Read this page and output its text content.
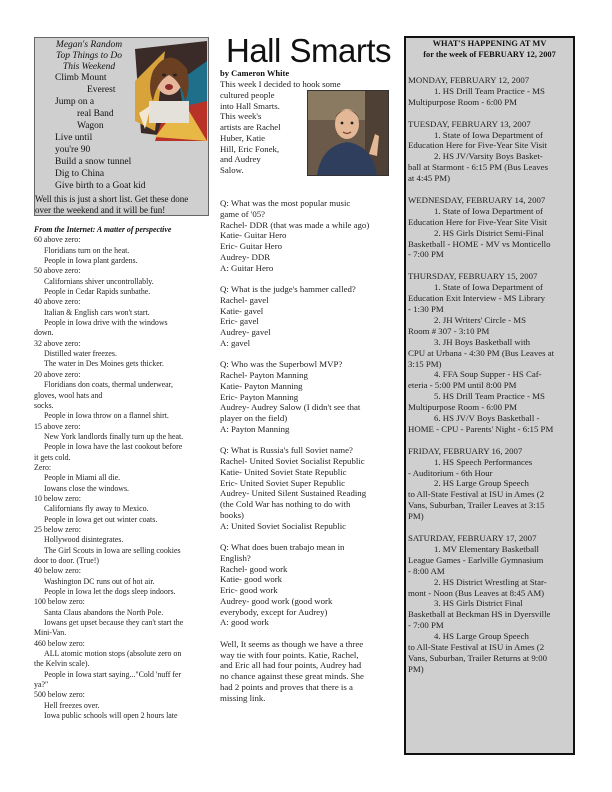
Megan's Random
Top Things to Do
This Weekend
Climb Mount
Everest
Jump on a
real Band
Wagon
Live until
you're 90
Build a snow tunnel
Dig to China
Give birth to a Goat kid
Well this is just a short list. Get these done
over the weekend and it will be fun!
From the Internet: A matter of perspective
60 above zero:
Floridians turn on the heat.
People in Iowa plant gardens.
50 above zero:
Californians shiver uncontrollably.
People in Cedar Rapids sunbathe.
40 above zero:
Italian & English cars won't start.
People in Iowa drive with the windows
down.
32 above zero:
Distilled water freezes.
The water in Des Moines gets thicker.
20 above zero:
Floridians don coats, thermal underwear,
gloves, wool hats and
socks.
People in Iowa throw on a flannel shirt.
15 above zero:
New York landlords finally turn up the heat.
People in Iowa have the last cookout before
it gets cold.
Zero:
People in Miami all die.
Iowans close the windows.
10 below zero:
Californians fly away to Mexico.
People in Iowa get out winter coats.
25 below zero:
Hollywood disintegrates.
The Girl Scouts in Iowa are selling cookies
door to door. (True!)
40 below zero:
Washington DC runs out of hot air.
People in Iowa let the dogs sleep indoors.
100 below zero:
Santa Claus abandons the North Pole.
Iowans get upset because they can't start the
Mini-Van.
460 below zero:
ALL atomic motion stops (absolute zero on
the Kelvin scale).
People in Iowa start saying..."Cold 'nuff fer
ya?"
500 below zero:
Hell freezes over.
Iowa public schools will open 2 hours late
Hall Smarts
by Cameron White
This week I decided to hook some
cultured people
into Hall Smarts.
This week's
artists are Rachel
Huber, Katie
Hill, Eric Fonek,
and Audrey
Salow.
Q: What was the most popular music
game of '05?
Rachel- DDR (that was made a while ago)
Katie- Guitar Hero
Eric- Guitar Hero
Audrey- DDR
A: Guitar Hero
Q: What is the judge's hammer called?
Rachel- gavel
Katie- gavel
Eric- gavel
Audrey- gavel
A: gavel
Q: Who was the Superbowl MVP?
Rachel- Payton Manning
Katie- Payton Manning
Eric- Payton Manning
Audrey- Audrey Salow (I didn't see that
player on the field)
A: Payton Manning
Q: What is Russia's full Soviet name?
Rachel- United Soviet Socialist Republic
Katie- United Soviet State Republic
Eric- United Soviet Super Republic
Audrey- United Silent Sustained Reading
(the Cold War has nothing to do with
books)
A: United Soviet Socialist Republic
Q: What does buen trabajo mean in
English?
Rachel- good work
Katie- good work
Eric- good work
Audrey- good work (good work
everybody, except for Audrey)
A: good work
Well, It seems as though we have a three
way tie with four points. Katie, Rachel,
and Eric all had four points, Audrey had
no chance against these great minds. She
had 2 points and proves that there is a
missing link.
WHAT'S HAPPENING AT MV
for the week of FEBRUARY 12, 2007
MONDAY, FEBRUARY 12, 2007
1. HS Drill Team Practice - MS
Multipurpose Room - 6:00 PM
TUESDAY, FEBRUARY 13, 2007
1. State of Iowa Department of
Education Here for Five-Year Site Visit
2. HS JV/Varsity Boys Basket-
ball at Starmont - 6:15 PM (Bus Leaves
at 4:45 PM)
WEDNESDAY, FEBRUARY 14, 2007
1. State of Iowa Department of
Education Here for Five-Year Site Visit
2. HS Girls District Semi-Final
Basketball - HOME - MV vs Monticello
- 7:00 PM
THURSDAY, FEBRUARY 15, 2007
1. State of Iowa Department of
Education Exit Interview - MS Library
- 1:30 PM
2. JH Writers' Circle - MS
Room # 307 - 3:10 PM
3. JH Boys Basketball with
CPU at Urbana - 4:30 PM (Bus Leaves at
3:15 PM)
4. FFA Soup Supper - HS Caf-
eteria - 5:00 PM until 8:00 PM
5. HS Drill Team Practice - MS
Multipurpose Room - 6:00 PM
6. HS JV/V Boys Basketball -
HOME - CPU - Parents' Night - 6:15 PM
FRIDAY, FEBRUARY 16, 2007
1. HS Speech Performances
- Auditorium - 6th Hour
2. HS Large Group Speech
to All-State Festival at ISU in Ames (2
Vans, Suburban, Trailer Leaves at 3:15
PM)
SATURDAY, FEBRUARY 17, 2007
1. MV Elementary Basketball
League Games - Earlville Gymnasium
- 8:00 AM
2. HS District Wrestling at Star-
mont - Noon (Bus Leaves at 8:45 AM)
3. HS Girls District Final
Basketball at Beckman HS in Dyersville
- 7:00 PM
4. HS Large Group Speech
to All-State Festival at ISU in Ames (2
Vans, Suburban, Trailer Returns at 9:00
PM)
